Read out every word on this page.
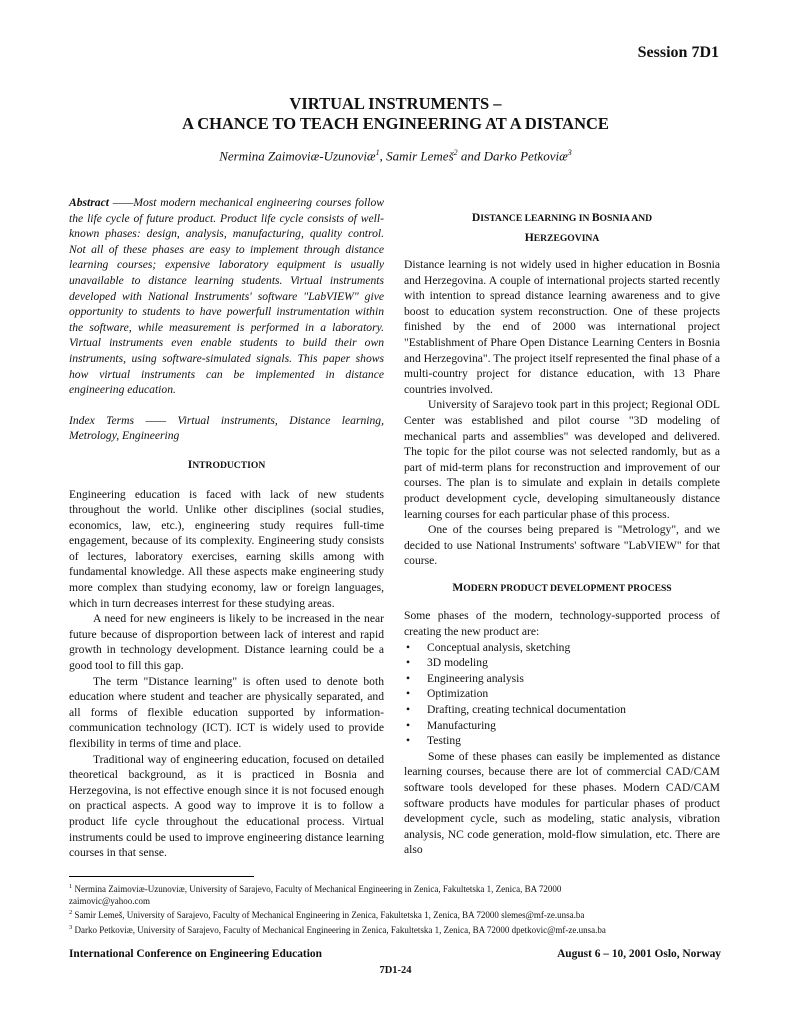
Session 7D1
VIRTUAL INSTRUMENTS –
A CHANCE TO TEACH ENGINEERING AT A DISTANCE
Nermina Zaimoviæ-Uzunoviæ$^1$, Samir Lemeš$^2$ and Darko Petkoviæ$^3$

Abstract ——Most modern mechanical engineering courses follow the life cycle of future product. Product life cycle consists of well-known phases: design, analysis, manufacturing, quality control. Not all of these phases are easy to implement through distance learning courses; expensive laboratory equipment is usually unavailable to distance learning students. Virtual instruments developed with National Instruments' software "LabVIEW" give opportunity to students to have powerfull instrumentation within the software, while measurement is performed in a laboratory. Virtual instruments even enable students to build their own instruments, using software-simulated signals. This paper shows how virtual instruments can be implemented in distance engineering education.

Index Terms —— Virtual instruments, Distance learning, Metrology, Engineering

INTRODUCTION

Engineering education is faced with lack of new students throughout the world. Unlike other disciplines (social studies, economics, law, etc.), engineering study requires full-time engagement, because of its complexity. Engineering study consists of lectures, laboratory exercises, earning skills among with fundamental knowledge. All these aspects make engineering study more complex than studying economy, law or foreign languages, which in turn decreases interrest for these studying areas.

A need for new engineers is likely to be increased in the near future because of disproportion between lack of interest and rapid growth in technology development. Distance learning could be a good tool to fill this gap.

The term "Distance learning" is often used to denote both education where student and teacher are physically separated, and all forms of flexible education supported by information-communication technology (ICT). ICT is widely used to provide flexibility in terms of time and place.

Traditional way of engineering education, focused on detailed theoretical background, as it is practiced in Bosnia and Herzegovina, is not effective enough since it is not focused enough on practical aspects. A good way to improve it is to follow a product life cycle throughout the educational process. Virtual instruments could be used to improve engineering distance learning courses in that sense.

DISTANCE LEARNING IN BOSNIA AND
HERZEGOVINA

Distance learning is not widely used in higher education in Bosnia and Herzegovina. A couple of international projects started recently with intention to spread distance learning awareness and to give boost to education system reconstruction. One of these projects finished by the end of 2000 was international project "Establishment of Phare Open Distance Learning Centers in Bosnia and Herzegovina". The project itself represented the final phase of a multi-country project for distance education, with 13 Phare countries involved.

University of Sarajevo took part in this project; Regional ODL Center was established and pilot course "3D modeling of mechanical parts and assemblies" was developed and delivered. The topic for the pilot course was not selected randomly, but as a part of mid-term plans for reconstruction and improvement of our courses. The plan is to simulate and explain in details complete product development cycle, developing simultaneously distance learning courses for each particular phase of this process.

One of the courses being prepared is "Metrology", and we decided to use National Instruments' software "LabVIEW" for that course.

MODERN PRODUCT DEVELOPMENT PROCESS

Some phases of the modern, technology-supported process of creating the new product are:

• Conceptual analysis, sketching
• 3D modeling
• Engineering analysis
• Optimization
• Drafting, creating technical documentation
• Manufacturing
• Testing

Some of these phases can easily be implemented as distance learning courses, because there are lot of commercial CAD/CAM software tools developed for these phases. Modern CAD/CAM software products have modules for particular phases of product development cycle, such as modeling, static analysis, vibration analysis, NC code generation, mold-flow simulation, etc. There are also

$^1$ Nermina Zaimoviæ-Uzunoviæ, University of Sarajevo, Faculty of Mechanical Engineering in Zenica, Fakultetska 1, Zenica, BA 72000

zaimovic@yahoo.com

$^2$ Samir Lemeš, University of Sarajevo, Faculty of Mechanical Engineering in Zenica, Fakultetska 1, Zenica, BA 72000 slemes@mf-ze.unsa.ba

$^3$ Darko Petkoviæ, University of Sarajevo, Faculty of Mechanical Engineering in Zenica, Fakultetska 1, Zenica, BA 72000 dpetkovic@mf-ze.unsa.ba

International Conference on Engineering Education	August 6 – 10, 2001 Oslo, Norway
7D1-24
